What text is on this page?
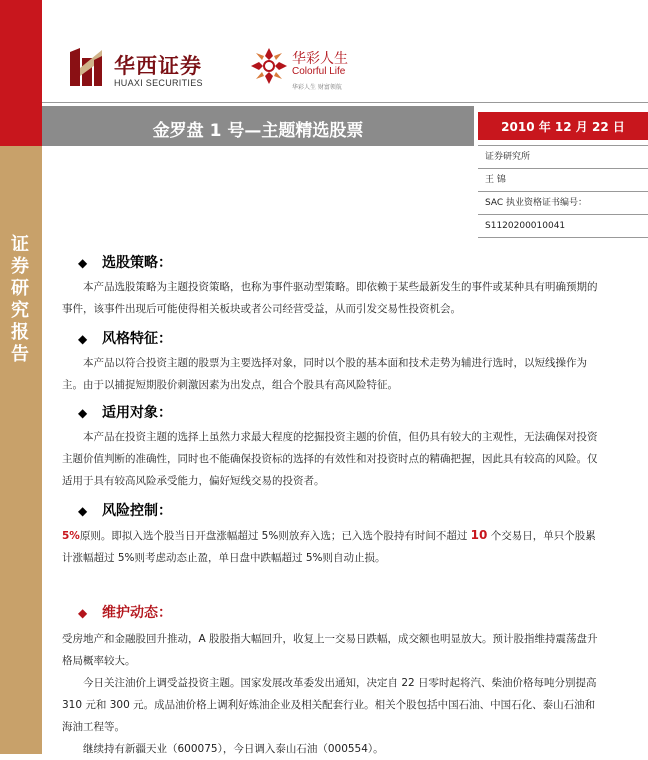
证券研究报告
华西证券
HUAXI SECURITIES
华彩人生
Colorful Life
华彩人生 财富领航
金罗盘 1 号—主题精选股票	2010 年 12 月 22 日
证券研究所
王 锦
SAC 执业资格证书编号：
S1120200010041
◆ 选股策略：
本产品选股策略为主题投资策略，也称为事件驱动型策略。即依赖于某些最新发生的事件或某种具有明确预期的事件，该事件出现后可能使得相关板块或者公司经营受益，从而引发交易性投资机会。
◆ 风格特征：
本产品以符合投资主题的股票为主要选择对象，同时以个股的基本面和技术走势为辅进行选时，以短线操作为主。由于以捕捉短期股价刺激因素为出发点，组合个股具有高风险特征。
◆ 适用对象：
本产品在投资主题的选择上虽然力求最大程度的挖掘投资主题的价值，但仍具有较大的主观性，无法确保对投资主题价值判断的准确性，同时也不能确保投资标的选择的有效性和对投资时点的精确把握，因此具有较高的风险。仅适用于具有较高风险承受能力，偏好短线交易的投资者。
◆ 风险控制：
5%原则。即拟入选个股当日开盘涨幅超过 5%则放弃入选；已入选个股持有时间不超过 10 个交易日，单只个股累计涨幅超过 5%则考虑动态止盈，单日盘中跌幅超过 5%则自动止损。
◆ 维护动态：
受房地产和金融股回升推动，A 股股指大幅回升，收复上一交易日跌幅，成交额也明显放大。预计股指维持震荡盘升格局概率较大。
今日关注油价上调受益投资主题。国家发展改革委发出通知，决定自 22 日零时起将汽、柴油价格每吨分别提高 310 元和 300 元。成品油价格上调利好炼油企业及相关配套行业。相关个股包括中国石油、中国石化、泰山石油和海油工程等。
继续持有新疆天业（600075），今日调入泰山石油（000554）。
